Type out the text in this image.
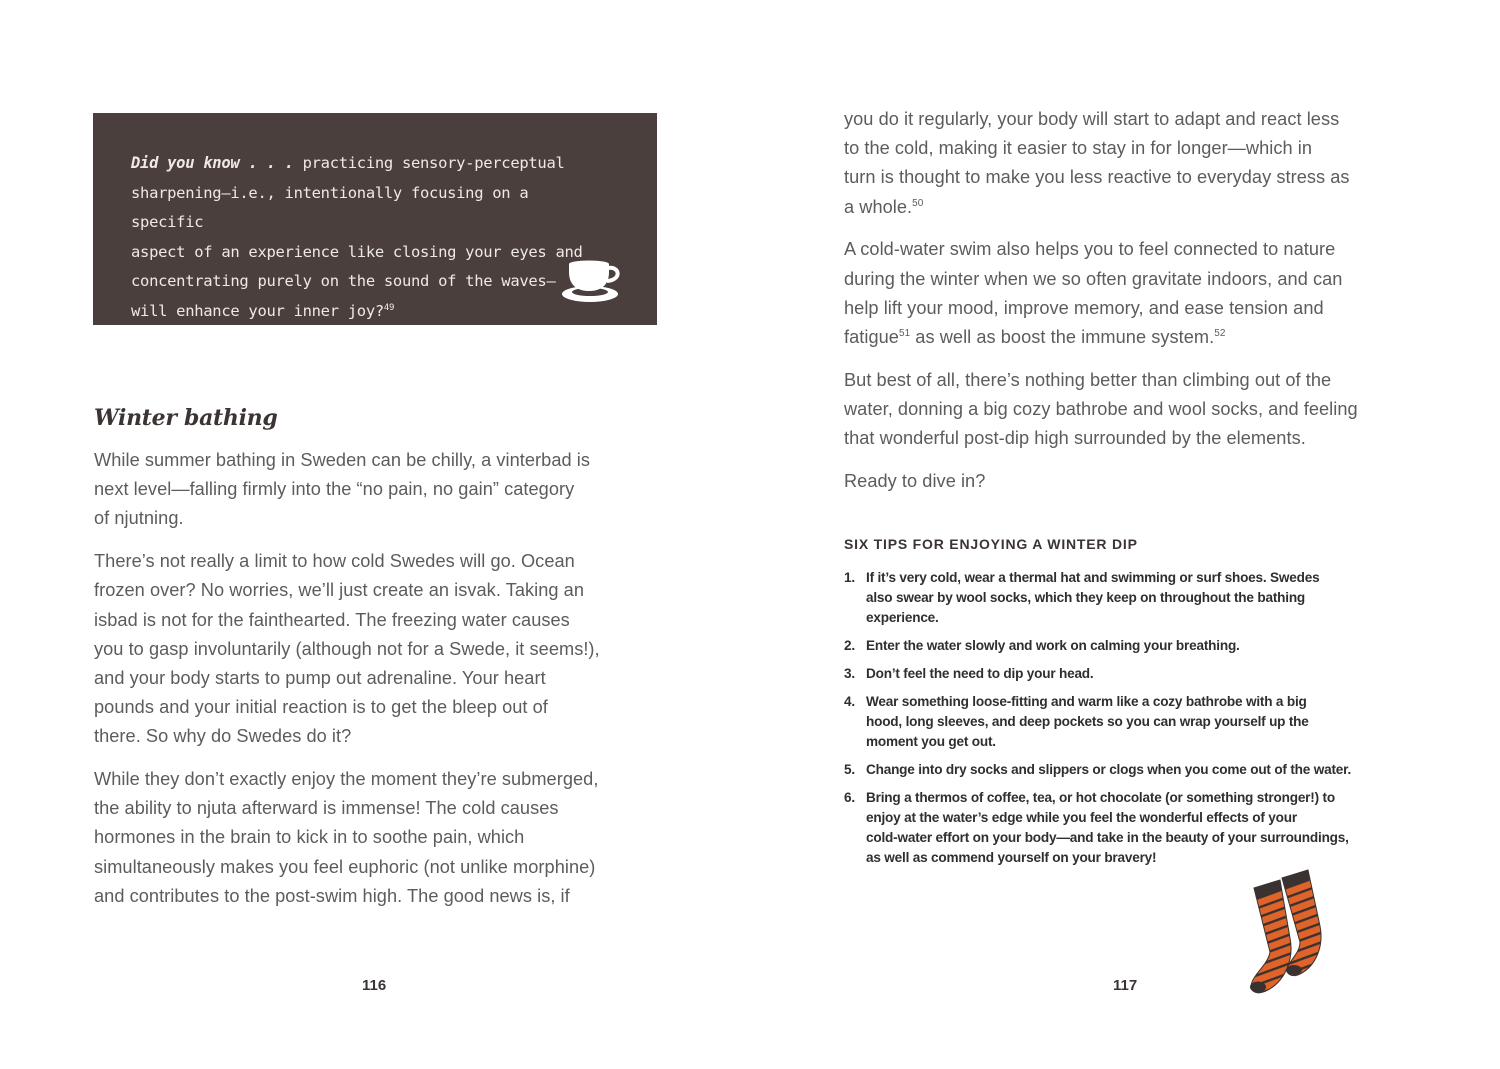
Did you know . . . practicing sensory-perceptual
sharpening—i.e., intentionally focusing on a specific
aspect of an experience like closing your eyes and
concentrating purely on the sound of the waves—
will enhance your inner joy?$^{49}$

Winter bathing

While summer bathing in Sweden can be chilly, a vinterbad is
next level—falling firmly into the “no pain, no gain” category
of njutning.

There’s not really a limit to how cold Swedes will go. Ocean
frozen over? No worries, we’ll just create an isvak. Taking an
isbad is not for the fainthearted. The freezing water causes
you to gasp involuntarily (although not for a Swede, it seems!),
and your body starts to pump out adrenaline. Your heart
pounds and your initial reaction is to get the bleep out of
there. So why do Swedes do it?

While they don’t exactly enjoy the moment they’re submerged,
the ability to njuta afterward is immense! The cold causes
hormones in the brain to kick in to soothe pain, which
simultaneously makes you feel euphoric (not unlike morphine)
and contributes to the post-swim high. The good news is, if

116

you do it regularly, your body will start to adapt and react less
to the cold, making it easier to stay in for longer—which in
turn is thought to make you less reactive to everyday stress as
a whole.$^{50}$

A cold-water swim also helps you to feel connected to nature
during the winter when we so often gravitate indoors, and can
help lift your mood, improve memory, and ease tension and
fatigue$^{51}$ as well as boost the immune system.$^{52}$

But best of all, there’s nothing better than climbing out of the
water, donning a big cozy bathrobe and wool socks, and feeling
that wonderful post-dip high surrounded by the elements.

Ready to dive in?

SIX TIPS FOR ENJOYING A WINTER DIP
1. If it’s very cold, wear a thermal hat and swimming or surf shoes. Swedes
also swear by wool socks, which they keep on throughout the bathing
experience.
2. Enter the water slowly and work on calming your breathing.
3. Don’t feel the need to dip your head.
4. Wear something loose-fitting and warm like a cozy bathrobe with a big
hood, long sleeves, and deep pockets so you can wrap yourself up the
moment you get out.
5. Change into dry socks and slippers or clogs when you come out of the water.
6. Bring a thermos of coffee, tea, or hot chocolate (or something stronger!) to
enjoy at the water’s edge while you feel the wonderful effects of your
cold-water effort on your body—and take in the beauty of your surroundings,
as well as commend yourself on your bravery!
117
